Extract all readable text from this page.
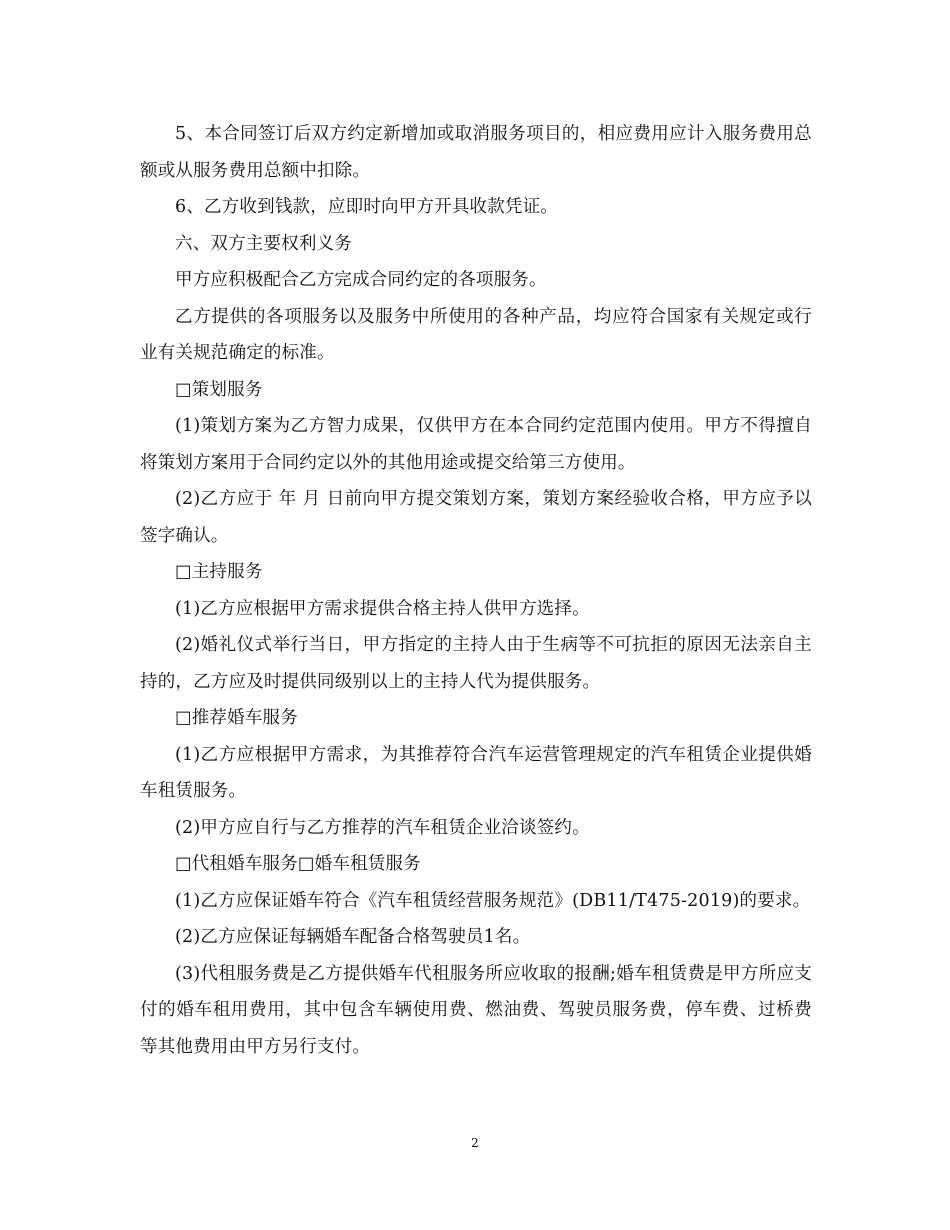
5、本合同签订后双方约定新增加或取消服务项目的，相应费用应计入服务费用总额或从服务费用总额中扣除。

6、乙方收到钱款，应即时向甲方开具收款凭证。

六、双方主要权利义务

甲方应积极配合乙方完成合同约定的各项服务。

乙方提供的各项服务以及服务中所使用的各种产品，均应符合国家有关规定或行业有关规范确定的标准。

□策划服务

(1)策划方案为乙方智力成果，仅供甲方在本合同约定范围内使用。甲方不得擅自将策划方案用于合同约定以外的其他用途或提交给第三方使用。

(2)乙方应于 年 月 日前向甲方提交策划方案，策划方案经验收合格，甲方应予以签字确认。

□主持服务

(1)乙方应根据甲方需求提供合格主持人供甲方选择。

(2)婚礼仪式举行当日，甲方指定的主持人由于生病等不可抗拒的原因无法亲自主持的，乙方应及时提供同级别以上的主持人代为提供服务。

□推荐婚车服务

(1)乙方应根据甲方需求，为其推荐符合汽车运营管理规定的汽车租赁企业提供婚车租赁服务。

(2)甲方应自行与乙方推荐的汽车租赁企业洽谈签约。

□代租婚车服务□婚车租赁服务

(1)乙方应保证婚车符合《汽车租赁经营服务规范》(DB11/T475-2019)的要求。

(2)乙方应保证每辆婚车配备合格驾驶员1名。

(3)代租服务费是乙方提供婚车代租服务所应收取的报酬;婚车租赁费是甲方所应支付的婚车租用费用，其中包含车辆使用费、燃油费、驾驶员服务费，停车费、过桥费等其他费用由甲方另行支付。

2
